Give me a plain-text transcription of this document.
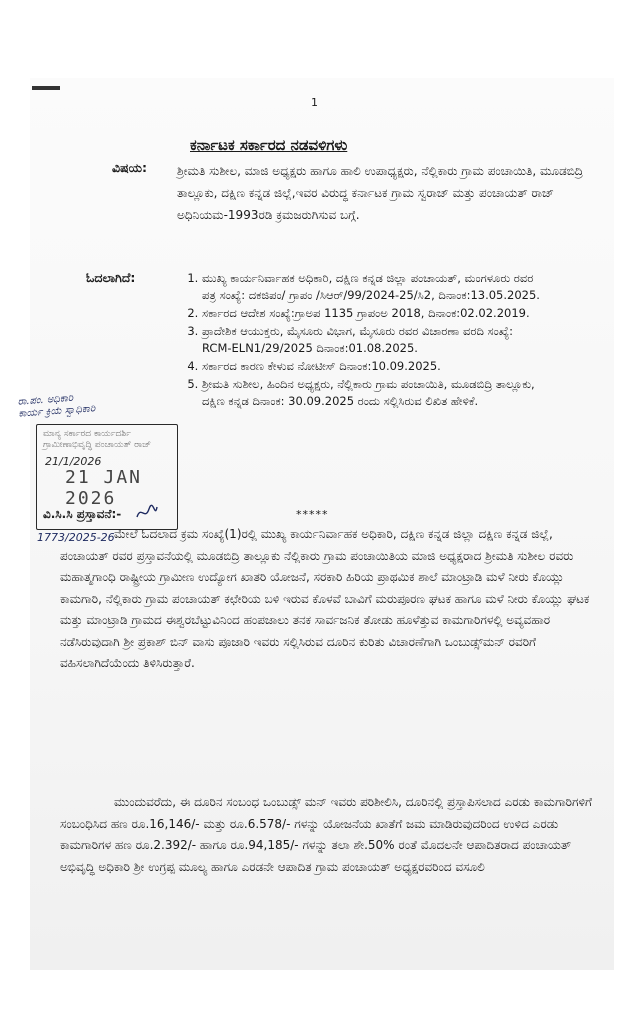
1
ಕರ್ನಾಟಕ ಸರ್ಕಾರದ ನಡವಳಿಗಳು
ವಿಷಯ:	ಶ್ರೀಮತಿ ಸುಶೀಲ, ಮಾಜಿ ಅಧ್ಯಕ್ಷರು ಹಾಗೂ ಹಾಲಿ ಉಪಾಧ್ಯಕ್ಷರು, ನೆಲ್ಲಿಕಾರು ಗ್ರಾಮ ಪಂಚಾಯಿತಿ, ಮೂಡಬಿದ್ರಿ ತಾಲ್ಲೂಕು, ದಕ್ಷಿಣ ಕನ್ನಡ ಜಿಲ್ಲೆ,ಇವರ ವಿರುದ್ಧ ಕರ್ನಾಟಕ ಗ್ರಾಮ ಸ್ವರಾಜ್ ಮತ್ತು ಪಂಚಾಯತ್ ರಾಜ್ ಅಧಿನಿಯಮ-1993ರಡಿ ಕ್ರಮಜರುಗಿಸುವ ಬಗ್ಗೆ.
ಓದಲಾಗಿದೆ:
1.	ಮುಖ್ಯ ಕಾರ್ಯನಿರ್ವಾಹಕ ಅಧಿಕಾರಿ, ದಕ್ಷಿಣ ಕನ್ನಡ ಜಿಲ್ಲಾ ಪಂಚಾಯತ್, ಮಂಗಳೂರು ರವರ ಪತ್ರ ಸಂಖ್ಯೆ: ದಕಜಿಪಂ/ ಗ್ರಾಪಂ /ಸಿಆರ್/99/2024-25/ಸಿ2, ದಿನಾಂಕ:13.05.2025.
2. ಸರ್ಕಾರದ ಆದೇಶ ಸಂಖ್ಯೆ:ಗ್ರಾಅಪ 1135 ಗ್ರಾಪಂಅ 2018, ದಿನಾಂಕ:02.02.2019.
3. ಪ್ರಾದೇಶಿಕ ಆಯುಕ್ತರು, ಮೈಸೂರು ವಿಭಾಗ, ಮೈಸೂರು ರವರ ವಿಚಾರಣಾ ವರದಿ ಸಂಖ್ಯೆ: RCM-ELN1/29/2025 ದಿನಾಂಕ:01.08.2025.
4. ಸರ್ಕಾರದ ಕಾರಣ ಕೇಳುವ ನೋಟೀಸ್ ದಿನಾಂಕ:10.09.2025.
5. ಶ್ರೀಮತಿ ಸುಶೀಲ, ಹಿಂದಿನ ಅಧ್ಯಕ್ಷರು, ನೆಲ್ಲಿಕಾರು ಗ್ರಾಮ ಪಂಚಾಯಿತಿ, ಮೂಡಬಿದ್ರಿ ತಾಲ್ಲೂಕು, ದಕ್ಷಿಣ ಕನ್ನಡ ದಿನಾಂಕ: 30.09.2025 ರಂದು ಸಲ್ಲಿಸಿರುವ ಲಿಖಿತ ಹೇಳಿಕೆ.
*****
ರಾ.ಪಂ. ಅಧಿಕಾರಿ
ಕಾರ್ಯ ಕ್ರಿಯೆ ಸ್ವಾಧಿಕಾರಿ
ಮಾನ್ಯ ಸರ್ಕಾರದ ಕಾರ್ಯದರ್ಶಿ ಗ್ರಾಮೀಣಾಭಿವೃದ್ಧಿ ಪಂಚಾಯತ್ ರಾಜ್
21/1/2026
21 JAN 2026
ವಿ.ಸಿ.ಸಿ ಪ್ರಸ್ತಾವನೆ:-
1773/2025-26 ಮೇಲೆ ಓದಲಾದ ಕ್ರಮ ಸಂಖ್ಯೆ(1)ರಲ್ಲಿ ಮುಖ್ಯ ಕಾರ್ಯನಿರ್ವಾಹಕ ಅಧಿಕಾರಿ, ದಕ್ಷಿಣ ಕನ್ನಡ ಜಿಲ್ಲಾ ದಕ್ಷಿಣ ಕನ್ನಡ ಜಿಲ್ಲೆ, ಪಂಚಾಯತ್ ರವರ ಪ್ರಸ್ತಾವನೆಯಲ್ಲಿ ಮೂಡಬಿದ್ರಿ ತಾಲ್ಲೂಕು ನೆಲ್ಲಿಕಾರು ಗ್ರಾಮ ಪಂಚಾಯಿತಿಯ ಮಾಜಿ ಅಧ್ಯಕ್ಷರಾದ ಶ್ರೀಮತಿ ಸುಶೀಲ ರವರು ಮಹಾತ್ಮಗಾಂಧಿ ರಾಷ್ಟ್ರೀಯ ಗ್ರಾಮೀಣ ಉದ್ಯೋಗ ಖಾತರಿ ಯೋಜನೆ, ಸರಕಾರಿ ಹಿರಿಯ ಪ್ರಾಥಮಿಕ ಶಾಲೆ ಮಾಂಟ್ರಾಡಿ ಮಳೆ ನೀರು ಕೊಯ್ಲು ಕಾಮಗಾರಿ, ನೆಲ್ಲಿಕಾರು ಗ್ರಾಮ ಪಂಚಾಯತ್ ಕಛೇರಿಯ ಬಳಿ ಇರುವ ಕೊಳವೆ ಬಾವಿಗೆ ಮರುಪೂರಣ ಘಟಕ ಹಾಗೂ ಮಳೆ ನೀರು ಕೊಯ್ಲು ಘಟಕ ಮತ್ತು ಮಾಂಟ್ರಾಡಿ ಗ್ರಾಮದ ಈಶ್ವರಬೆಟ್ಟುವಿನಿಂದ ಹಂಪಜಾಲು ತನಕ ಸಾರ್ವಜನಿಕ ತೋಡು ಹೂಳೆತ್ತುವ ಕಾಮಗಾರಿಗಳಲ್ಲಿ ಅವ್ಯವಹಾರ ನಡೆಸಿರುವುದಾಗಿ ಶ್ರೀ ಪ್ರಕಾಶ್ ಬಿನ್ ವಾಸು ಪೂಜಾರಿ ಇವರು ಸಲ್ಲಿಸಿರುವ ದೂರಿನ ಕುರಿತು ವಿಚಾರಣೆಗಾಗಿ ಒಂಬುಡ್ಸ್‌ಮನ್ ರವರಿಗೆ ವಹಿಸಲಾಗಿದೆಯೆಂದು ತಿಳಿಸಿರುತ್ತಾರೆ.
ಮುಂದುವರೆದು, ಈ ದೂರಿನ ಸಂಬಂಧ ಒಂಬುಡ್ಸ್ ಮನ್ ಇವರು ಪರಿಶೀಲಿಸಿ, ದೂರಿನಲ್ಲಿ ಪ್ರಸ್ತಾಪಿಸಲಾದ ಎರಡು ಕಾಮಗಾರಿಗಳಿಗೆ ಸಂಬಂಧಿಸಿದ ಹಣ ರೂ.16,146/- ಮತ್ತು ರೂ.6.578/- ಗಳನ್ನು ಯೋಜನೆಯ ಖಾತೆಗೆ ಜಮ ಮಾಡಿರುವುದರಿಂದ ಉಳಿದ ಎರಡು ಕಾಮಗಾರಿಗಳ ಹಣ ರೂ.2.392/- ಹಾಗೂ ರೂ.94,185/- ಗಳನ್ನು ತಲಾ ಶೇ.50% ರಂತೆ ಮೊದಲನೇ ಆಪಾದಿತರಾದ ಪಂಚಾಯತ್ ಅಭಿವೃದ್ಧಿ ಅಧಿಕಾರಿ ಶ್ರೀ ಉಗ್ರಪ್ಪ ಮೂಲ್ಯ ಹಾಗೂ ಎರಡನೇ ಆಪಾದಿತ ಗ್ರಾಮ ಪಂಚಾಯತ್ ಅಧ್ಯಕ್ಷರವರಿಂದ ವಸೂಲಿ
